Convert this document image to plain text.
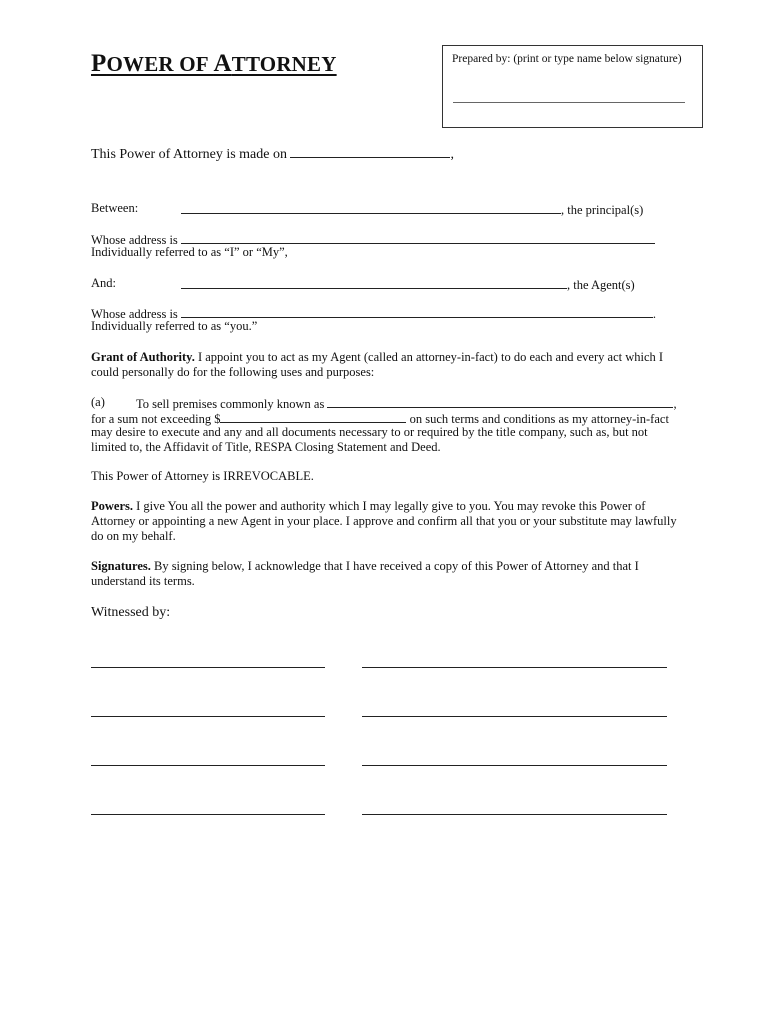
POWER OF ATTORNEY	Prepared by: (print or type name below signature)
This Power of Attorney is made on	,
Between:	, the principal(s)
Whose address is
Individually referred to as “I” or “My”,
And:	, the Agent(s)
Whose address is	.
Individually referred to as “you.”
Grant of Authority. I appoint you to act as my Agent (called an attorney-in-fact) to do each and every act which I could personally do for the following uses and purposes:
(a) To sell premises commonly known as	,
for a sum not exceeding $	on such terms and conditions as my attorney-in-fact
may desire to execute and any and all documents necessary to or required by the title company, such as, but not
limited to, the Affidavit of Title, RESPA Closing Statement and Deed.
This Power of Attorney is IRREVOCABLE.
Powers. I give You all the power and authority which I may legally give to you. You may revoke this Power of Attorney or appointing a new Agent in your place. I approve and confirm all that you or your substitute may lawfully do on my behalf.
Signatures. By signing below, I acknowledge that I have received a copy of this Power of Attorney and that I understand its terms.
Witnessed by:
